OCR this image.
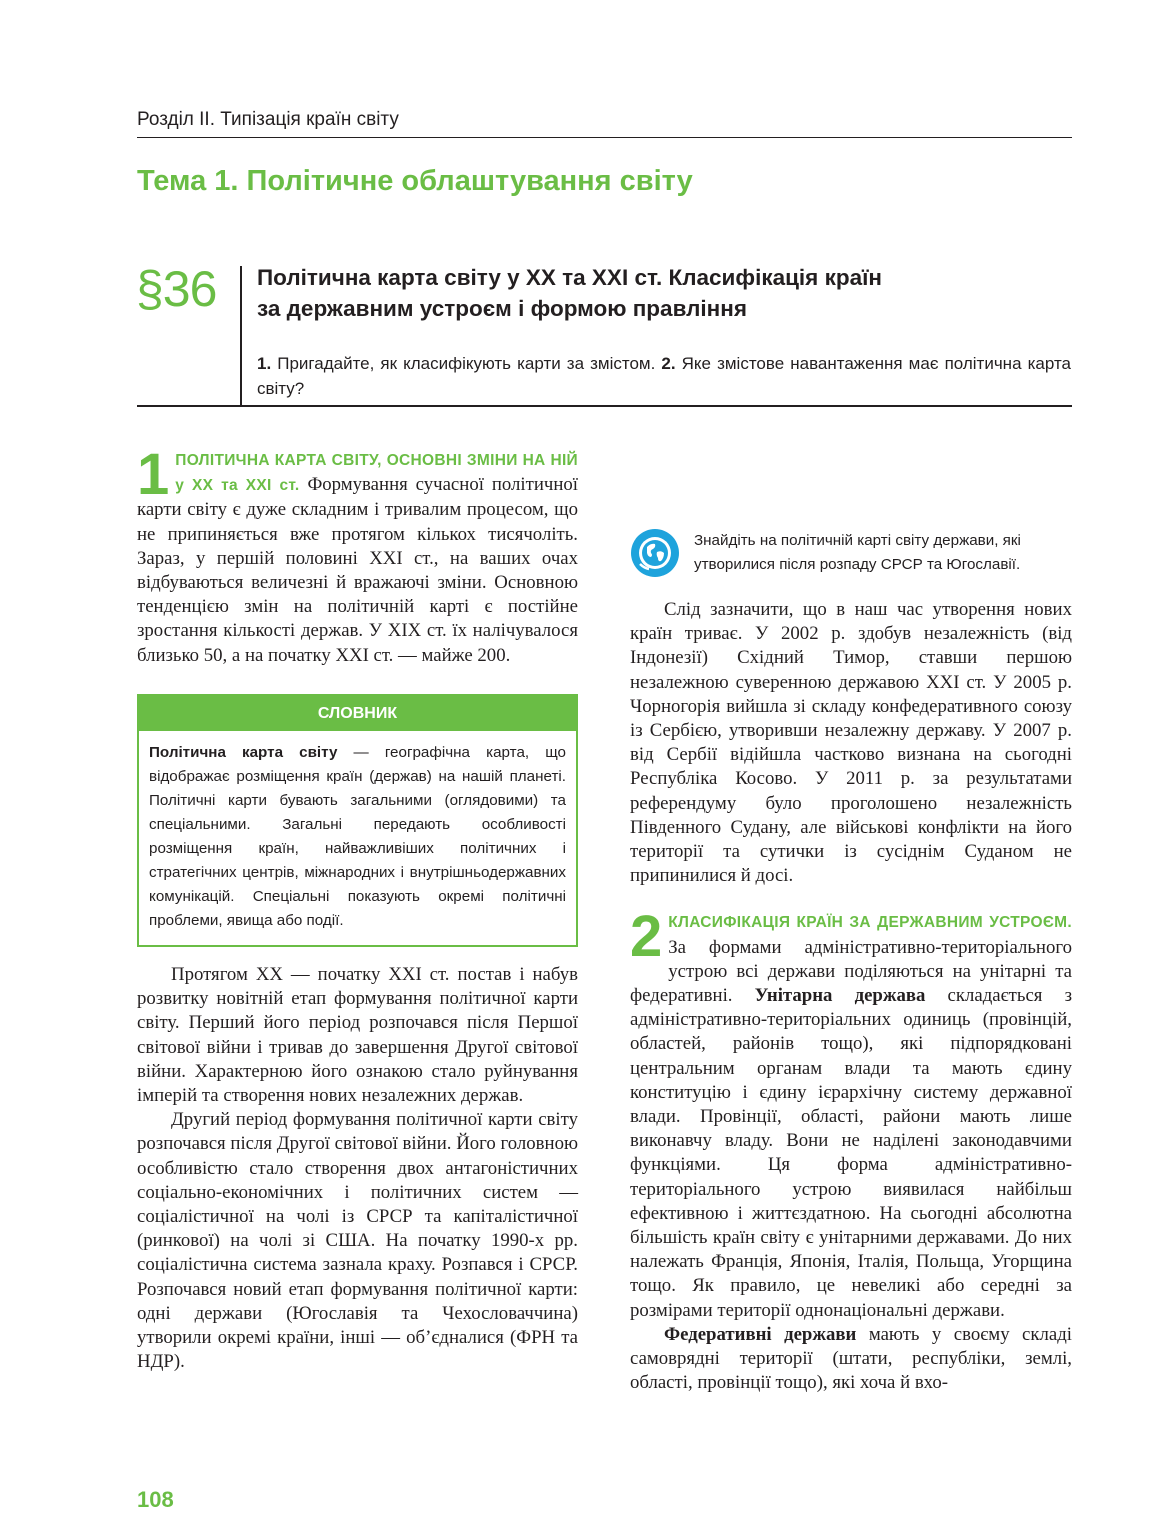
Розділ ІІ. Типізація країн світу
Тема 1. Політичне облаштування світу
§36 Політична карта світу у ХХ та ХХІ ст. Класифікація країн
за державним устроєм і формою правління
1. Пригадайте, як класифікують карти за змістом. 2. Яке змістове навантаження має політична карта світу?

1 ПОЛІТИЧНА КАРТА СВІТУ, ОСНОВНІ ЗМІНИ НА НІЙ у ХХ та ХХІ ст. Формування сучасної політичної карти світу є дуже складним і тривалим процесом, що не припиняється вже протягом кількох тисячоліть. Зараз, у першій половині ХХІ ст., на ваших очах відбуваються величезні й вражаючі зміни. Основною тенденцією змін на політичній карті є постійне зростання кількості держав. У ХІХ ст. їх налічувалося близько 50, а на початку ХХІ ст. — майже 200.

СЛОВНИК
Політична карта світу — географічна карта, що відображає розміщення країн (держав) на нашій планеті. Політичні карти бувають загальними (оглядовими) та спеціальними. Загальні передають особливості розміщення країн, найважливіших політичних і стратегічних центрів, міжнародних і внутрішньодержавних комунікацій. Спеціальні показують окремі політичні проблеми, явища або події.

Протягом ХХ — початку ХХІ ст. постав і набув розвитку новітній етап формування політичної карти світу. Перший його період розпочався після Першої світової війни і тривав до завершення Другої світової війни. Характерною його ознакою стало руйнування імперій та створення нових незалежних держав.

Другий період формування політичної карти світу розпочався після Другої світової війни. Його головною особливістю стало створення двох антагоністичних соціально-економічних і політичних систем — соціалістичної на чолі із СРСР та капіталістичної (ринкової) на чолі зі США. На початку 1990-х рр. соціалістична система зазнала краху. Розпався і СРСР. Розпочався новий етап формування політичної карти: одні держави (Югославія та Чехословаччина) утворили окремі країни, інші — об’єдналися (ФРН та НДР).

Знайдіть на політичній карті світу держави, які утворилися після розпаду СРСР та Югославії.

Слід зазначити, що в наш час утворення нових країн триває. У 2002 р. здобув незалежність (від Індонезії) Східний Тимор, ставши першою незалежною суверенною державою ХХІ ст. У 2005 р. Чорногорія вийшла зі складу конфедеративного союзу із Сербією, утворивши незалежну державу. У 2007 р. від Сербії відійшла частково визнана на сьогодні Республіка Косово. У 2011 р. за результатами референдуму було проголошено незалежність Південного Судану, але військові конфлікти на його території та сутички із сусіднім Суданом не припинилися й досі.

2 КЛАСИФІКАЦІЯ КРАЇН ЗА ДЕРЖАВНИМ УСТРОЄМ. За формами адміністративно-територіального устрою всі держави поділяються на унітарні та федеративні. Унітарна держава складається з адміністративно-територіальних одиниць (провінцій, областей, районів тощо), які підпорядковані центральним органам влади та мають єдину конституцію і єдину ієрархічну систему державної влади. Провінції, області, райони мають лише виконавчу владу. Вони не наділені законодавчими функціями. Ця форма адміністративно-територіального устрою виявилася найбільш ефективною і життєздатною. На сьогодні абсолютна більшість країн світу є унітарними державами. До них належать Франція, Японія, Італія, Польща, Угорщина тощо. Як правило, це невеликі або середні за розмірами території однонаціональні держави.

Федеративні держави мають у своєму складі самоврядні території (штати, республіки, землі, області, провінції тощо), які хоча й вхо-

108
